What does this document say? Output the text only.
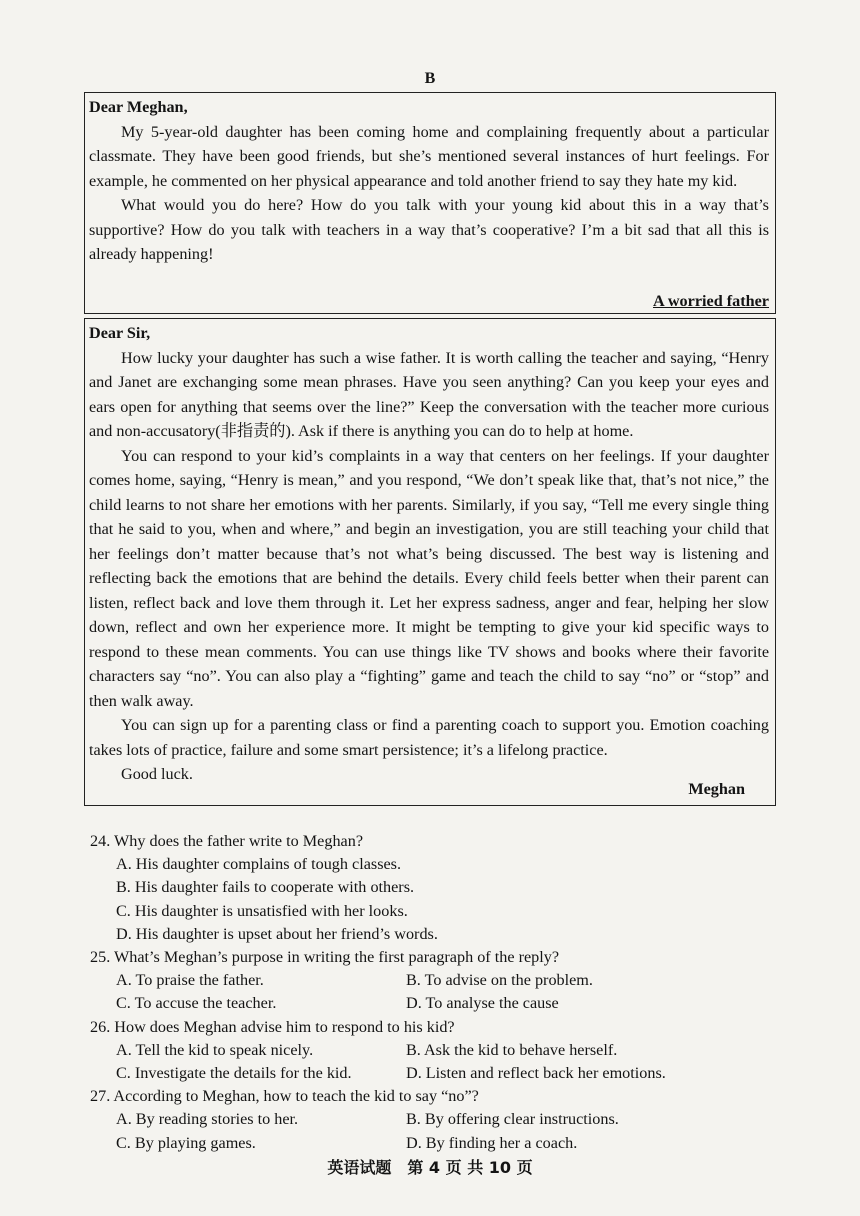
B

Dear Meghan,

My 5-year-old daughter has been coming home and complaining frequently about a particular classmate. They have been good friends, but she’s mentioned several instances of hurt feelings. For example, he commented on her physical appearance and told another friend to say they hate my kid.

What would you do here? How do you talk with your young kid about this in a way that’s supportive? How do you talk with teachers in a way that’s cooperative? I’m a bit sad that all this is already happening!

A worried father

Dear Sir,

How lucky your daughter has such a wise father. It is worth calling the teacher and saying, “Henry and Janet are exchanging some mean phrases. Have you seen anything? Can you keep your eyes and ears open for anything that seems over the line?” Keep the conversation with the teacher more curious and non-accusatory(非指责的). Ask if there is anything you can do to help at home.

You can respond to your kid’s complaints in a way that centers on her feelings. If your daughter comes home, saying, “Henry is mean,” and you respond, “We don’t speak like that, that’s not nice,” the child learns to not share her emotions with her parents. Similarly, if you say, “Tell me every single thing that he said to you, when and where,” and begin an investigation, you are still teaching your child that her feelings don’t matter because that’s not what’s being discussed. The best way is listening and reflecting back the emotions that are behind the details. Every child feels better when their parent can listen, reflect back and love them through it. Let her express sadness, anger and fear, helping her slow down, reflect and own her experience more. It might be tempting to give your kid specific ways to respond to these mean comments. You can use things like TV shows and books where their favorite characters say “no”. You can also play a “fighting” game and teach the child to say “no” or “stop” and then walk away.

You can sign up for a parenting class or find a parenting coach to support you. Emotion coaching takes lots of practice, failure and some smart persistence; it’s a lifelong practice.

Good luck.

Meghan

24. Why does the father write to Meghan?

A. His daughter complains of tough classes.

B. His daughter fails to cooperate with others.

C. His daughter is unsatisfied with her looks.

D. His daughter is upset about her friend’s words.

25. What’s Meghan’s purpose in writing the first paragraph of the reply?

A. To praise the father.	B. To advise on the problem.

C. To accuse the teacher.	D. To analyse the cause

26. How does Meghan advise him to respond to his kid?

A. Tell the kid to speak nicely.	B. Ask the kid to behave herself.

C. Investigate the details for the kid.	D. Listen and reflect back her emotions.

27. According to Meghan, how to teach the kid to say “no”?

A. By reading stories to her.	B. By offering clear instructions.

C. By playing games.	D. By finding her a coach.

英语试题　第 4 页 共 10 页
